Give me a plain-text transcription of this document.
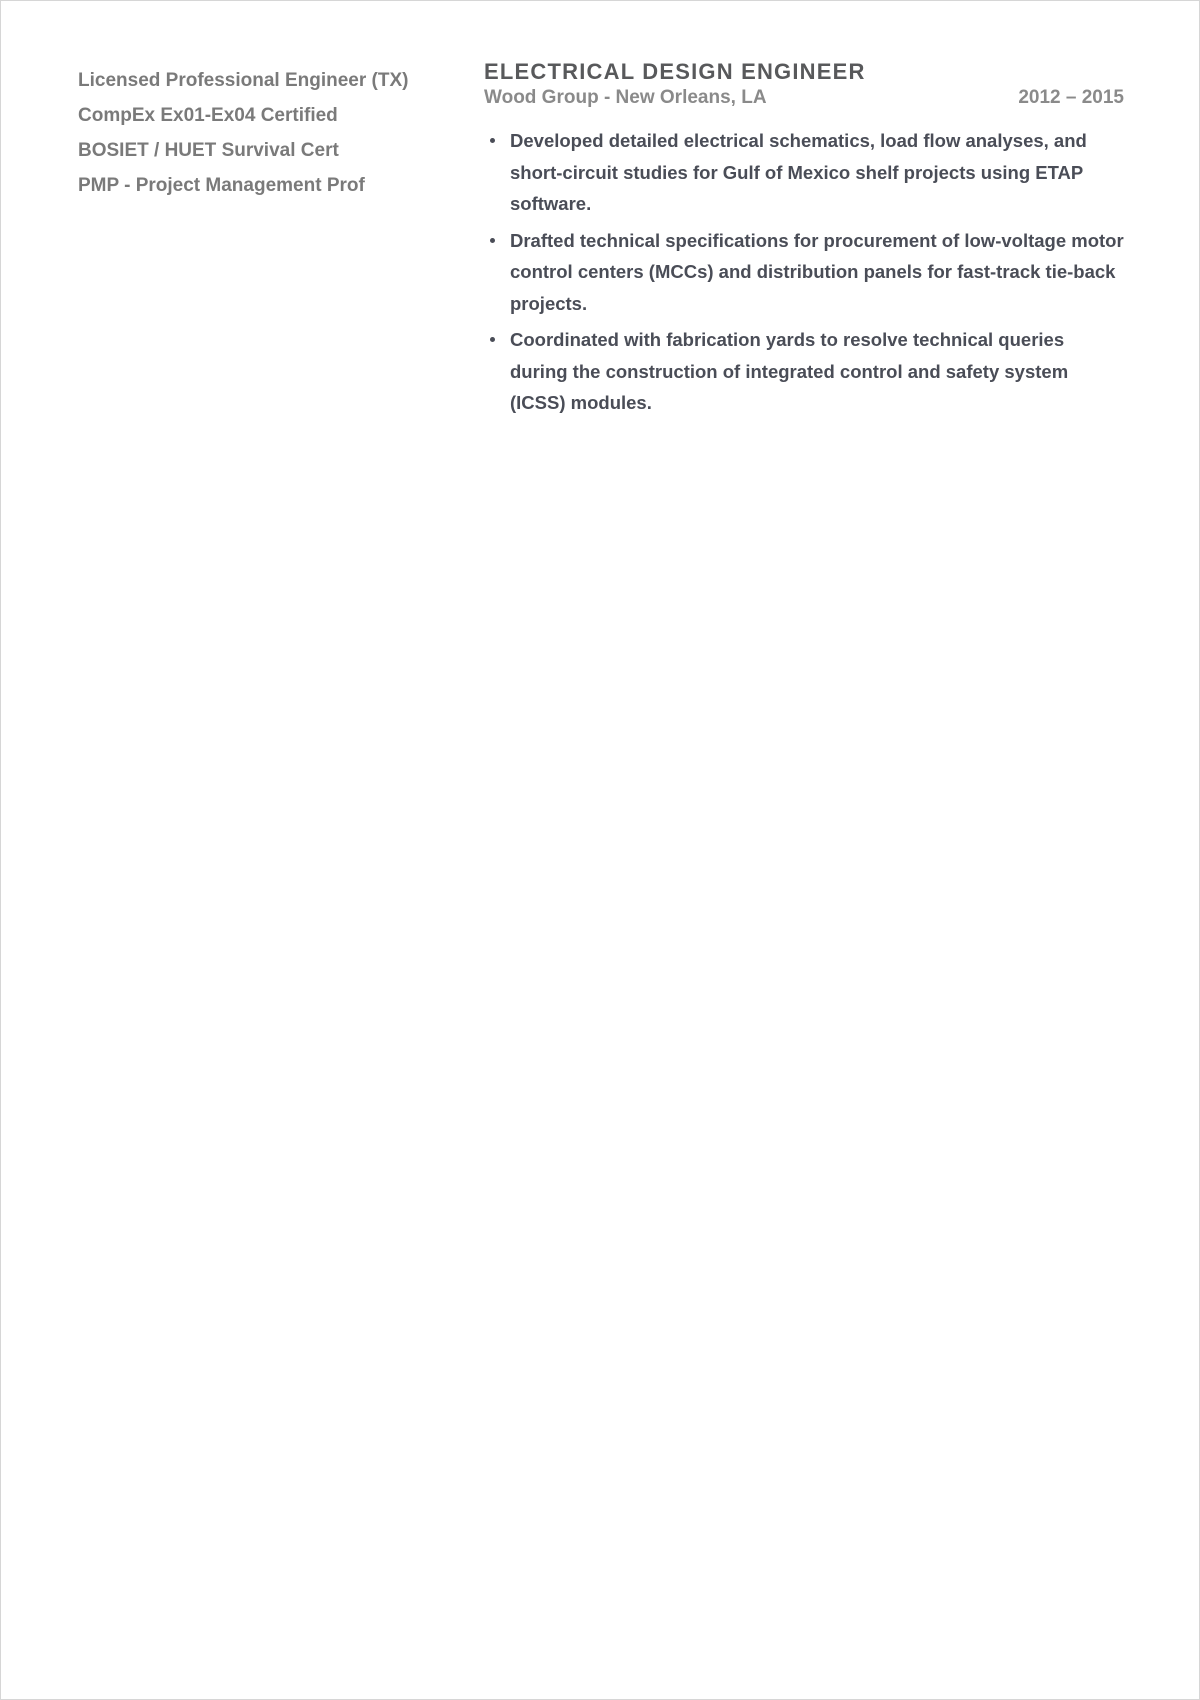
Licensed Professional Engineer (TX)
CompEx Ex01-Ex04 Certified
BOSIET / HUET Survival Cert
PMP - Project Management Prof
ELECTRICAL DESIGN ENGINEER
Wood Group - New Orleans, LA	2012 – 2015
Developed detailed electrical schematics, load flow analyses, and short-circuit studies for Gulf of Mexico shelf projects using ETAP software.
Drafted technical specifications for procurement of low-voltage motor control centers (MCCs) and distribution panels for fast-track tie-back projects.
Coordinated with fabrication yards to resolve technical queries during the construction of integrated control and safety system (ICSS) modules.
